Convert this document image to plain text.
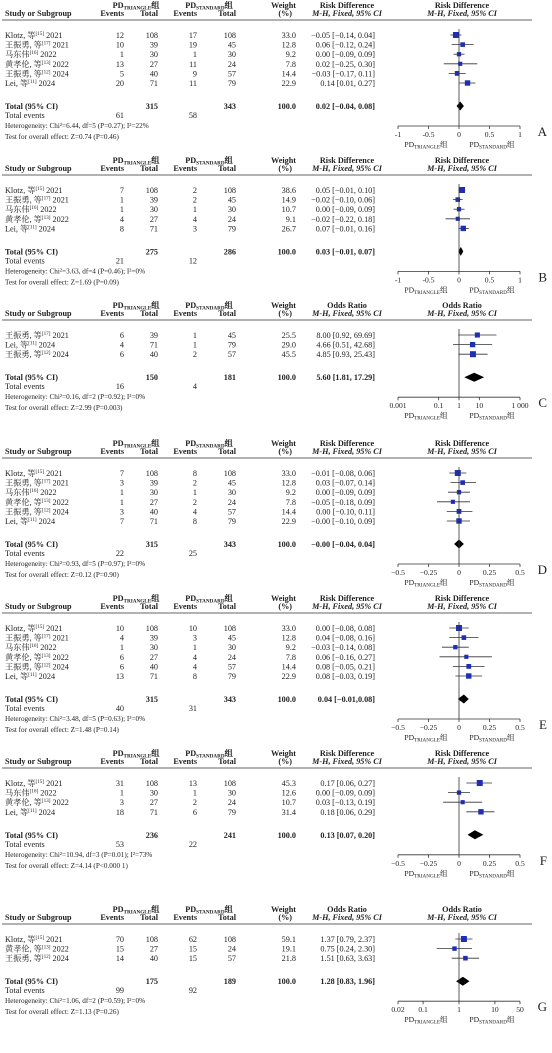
PDTRIANGLE组	PDSTANDARD组	Weight	Risk Difference
M-H, Fixed, 95% CI
Risk Difference
M-H, Fixed, 95% CI
Study or Subgroup	Events Total Events	Total	(%)
Klotz, 等[15] 2021	12	108	17	108	33.0 −0.05 [−0.14, 0.04]
王振勇, 等[17] 2021	10	39	19	45	12.8 0.06 [−0.12, 0.24]
马东伟[16] 2022	1	30	1	30	9.2 0.00 [−0.09, 0.09]
黄孝伦, 等[13] 2022	13	27	11	24	7.8 0.02 [−0.25, 0.30]
王振勇, 等[12] 2024	5	40	9	57	14.4 −0.03 [−0.17, 0.11]
Lei, 等[11] 2024	20	71	11	79	22.9	0.14 [0.01, 0.27]
Total (95% CI)	315	343	100.0 0.02 [−0.04, 0.08]
Total events	61	58
Heterogeneity: Chi²=6.44, df=5 (P=0.27); I²=22%
Test for overall effect: Z=0.74 (P=0.46)	-1	-0.5	0	0.5	1
PDTRIANGLE组	PDSTANDARD组
A
PDTRIANGLE组	PDSTANDARD组	Weight	Risk Difference
M-H, Fixed, 95% CI
Risk Difference
M-H, Fixed, 95% CI
Study or Subgroup	Events Total Events	Total	(%)
Klotz, 等[15] 2021	7	108	2	108	38.6 0.05 [−0.01, 0.10]
王振勇, 等[17] 2021	1	39	2	45	14.9 −0.02 [−0.10, 0.06]
马东伟[16] 2022	1	30	1	30	10.7 0.00 [−0.09, 0.09]
黄孝伦, 等[13] 2022	4	27	4	24	9.1 −0.02 [−0.22, 0.18]
Lei, 等[11] 2024	8	71	3	79	26.7 0.07 [−0.01, 0.16]
Total (95% CI)	275	286	100.0 0.03 [−0.01, 0.07]
Total events	21	12
Heterogeneity: Chi²=3.63, df=4 (P=0.46); I²=0%
Test for overall effect: Z=1.69 (P=0.09)	-1	-0.5	0	0.5	1
PDTRIANGLE组	PDSTANDARD组
B
PDTRIANGLE组	PDSTANDARD组	Weight	Odds Ratio
M-H, Fixed, 95% CI
Odds Ratio
M-H, Fixed, 95% CI
Study or Subgroup	Events Total Events	Total	(%)
王振勇, 等[17] 2021	6	39	1	45	25.5 8.00 [0.92, 69.69]
Lei, 等[11] 2024	4	71	1	79	29.0 4.66 [0.51, 42.68]
王振勇, 等[12] 2024	6	40	2	57	45.5 4.85 [0.93, 25.43]
Total (95% CI)	150	181	100.0 5.60 [1.81, 17.29]
Total events	16	4
Heterogeneity: Chi²=0.16, df=2 (P=0.92); I²=0%
Test for overall effect: Z=2.99 (P=0.003)	0.001	0.1 1 10	1 000
PDTRIANGLE组	PDSTANDARD组
C
PDTRIANGLE组	PDSTANDARD组	Weight	Risk Difference
M-H, Fixed, 95% CI
Risk Difference
M-H, Fixed, 95% CI
Study or Subgroup	Events Total Events	Total	(%)
Klotz, 等[15] 2021	7	108	8	108	33.0 −0.01 [−0.08, 0.06]
王振勇, 等[17] 2021	3	39	2	45	12.8 0.03 [−0.07, 0.14]
马东伟[16] 2022	1	30	1	30	9.2 0.00 [−0.09, 0.09]
黄孝伦, 等[13] 2022	1	27	2	24	7.8 −0.05 [−0.18, 0.09]
王振勇, 等[12] 2024	3	40	4	57	14.4 0.00 [−0.10, 0.11]
Lei, 等[11] 2024	7	71	8	79	22.9 −0.00 [−0.10, 0.09]
Total (95% CI)	315	343	100.0 −0.00 [−0.04, 0.04]
Total events	22	25
Heterogeneity: Chi²=0.93, df=5 (P=0.97); I²=0%
Test for overall effect: Z=0.12 (P=0.90)	−0.5 −0.25	0	0.25	0.5
PDTRIANGLE组	PDSTANDARD组
D
PDTRIANGLE组	PDSTANDARD组	Weight	Risk Difference
M-H, Fixed, 95% CI
Risk Difference
M-H, Fixed, 95% CI
Study or Subgroup	Events Total Events	Total	(%)
Klotz, 等[15] 2021	10	108	10	108	33.0 0.00 [−0.08, 0.08]
王振勇, 等[17] 2021	4	39	3	45	12.8 0.04 [−0.08, 0.16]
马东伟[16] 2022	1	30	1	30	9.2 −0.03 [−0.14, 0.08]
黄孝伦, 等[13] 2022	6	27	4	24	7.8 0.06 [−0.16, 0.27]
王振勇, 等[12] 2024	6	40	4	57	14.4 0.08 [−0.05, 0.21]
Lei, 等[11] 2024	13	71	8	79	22.9 0.08 [−0.03, 0.19]
Total (95% CI)	315	343	100.0	0.04 [−0.01,0.08]
Total events	40	31
Heterogeneity: Chi²=3.48, df=5 (P=0.63); I²=0%
Test for overall effect: Z=1.48 (P=0.14)	−0.5 −0.25	0	0.25	0.5
PDTRIANGLE组	PDSTANDARD组
E
PDTRIANGLE组	PDSTANDARD组	Weight	Risk Difference
M-H, Fixed, 95% CI
Risk Difference
M-H, Fixed, 95% CI
Study or Subgroup	Events Total Events	Total	(%)
Klotz, 等[15] 2021	31	108	13	108	45.3	0.17 [0.06, 0.27]
马东伟[16] 2022	1	30	1	30	12.6 0.00 [−0.09, 0.09]
黄孝伦, 等[13] 2022	3	27	2	24	10.7 0.03 [−0.13, 0.19]
Lei, 等[11] 2024	18	71	6	79	31.4	0.18 [0.06, 0.29]
Total (95% CI)	236	241	100.0	0.13 [0.07, 0.20]
Total events	53	22
Heterogeneity: Chi²=10.94, df=3 (P=0.01); I²=73%
Test for overall effect: Z=4.14 (P<0.000 1)	−0.5 −0.25	0	0.25	0.5
PDTRIANGLE组	PDSTANDARD组
F
PDTRIANGLE组	PDSTANDARD组	Weight	Odds Ratio
M-H, Fixed, 95% CI
Odds Ratio
M-H, Fixed, 95% CI
Study or Subgroup	Events Total Events	Total	(%)
Klotz, 等[15] 2021	70	108	62	108	59.1	1.37 [0.79, 2.37]
黄孝伦, 等[13] 2022	15	27	15	24	19.1	0.75 [0.24, 2.30]
王振勇, 等[12] 2024	14	40	15	57	21.8	1.51 [0.63, 3.63]
Total (95% CI)	175	189	100.0	1.28 [0.83, 1.96]
Total events	99	92
Heterogeneity: Chi²=1.06, df=2 (P=0.59); I²=0%
Test for overall effect: Z=1.13 (P=0.26)	0.02 0.1	1	10 50
PDTRIANGLE组	PDSTANDARD组
G
